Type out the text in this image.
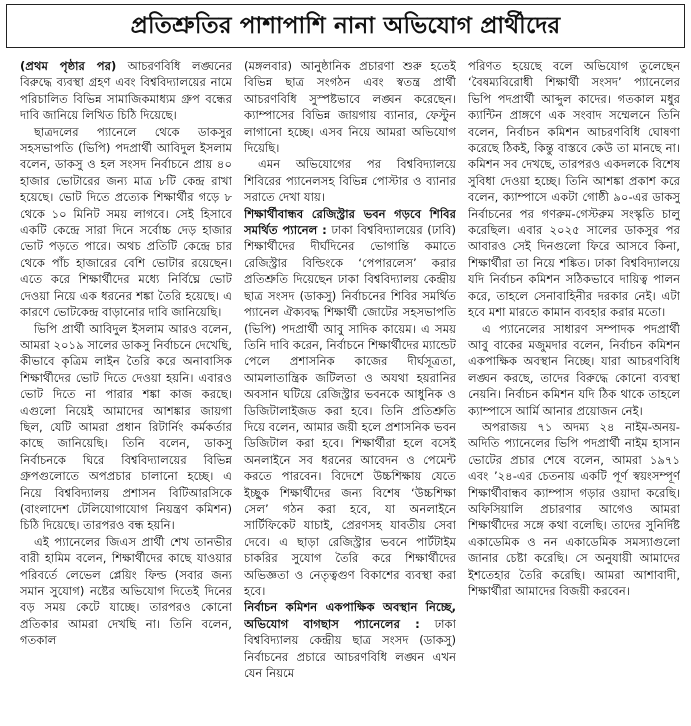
প্রতিশ্রুতির পাশাপাশি নানা অভিযোগ প্রার্থীদের

(প্রথম পৃষ্ঠার পর) আচরণবিধি লঙ্ঘনের বিরুদ্ধে ব্যবস্থা গ্রহণ এবং বিশ্ববিদ্যালয়ের নামে পরিচালিত বিভিন্ন সামাজিকমাধ্যম গ্রুপ বন্ধের দাবি জানিয়ে লিখিত চিঠি দিয়েছে।

ছাত্রদলের প্যানেলে থেকে ডাকসুর সহসভাপতি (ভিপি) পদপ্রার্থী আবিদুল ইসলাম বলেন, ডাকসু ও হল সংসদ নির্বাচনে প্রায় ৪০ হাজার ভোটারের জন্য মাত্র ৮টি কেন্দ্র রাখা হয়েছে। ভোট দিতে প্রত্যেক শিক্ষার্থীর গড়ে ৮ থেকে ১০ মিনিট সময় লাগবে। সেই হিসাবে একটি কেন্দ্রে সারা দিনে সর্বোচ্চ দেড় হাজার ভোট পড়তে পারে। অথচ প্রতিটি কেন্দ্রে চার থেকে পাঁচ হাজারের বেশি ভোটার রয়েছেন। এতে করে শিক্ষার্থীদের মধ্যে নির্বিঘ্নে ভোট দেওয়া নিয়ে এক ধরনের শঙ্কা তৈরি হয়েছে। এ কারণে ভোটকেন্দ্র বাড়ানোর দাবি জানিয়েছি।

ভিপি প্রার্থী আবিদুল ইসলাম আরও বলেন, আমরা ২০১৯ সালের ডাকসু নির্বাচনে দেখেছি, কীভাবে কৃত্রিম লাইন তৈরি করে অনাবাসিক শিক্ষার্থীদের ভোট দিতে দেওয়া হয়নি। এবারও ভোট দিতে না পারার শঙ্কা কাজ করছে। এগুলো নিয়েই আমাদের আশঙ্কার জায়গা ছিল, যেটি আমরা প্রধান রিটার্নিং কর্মকর্তার কাছে জানিয়েছি। তিনি বলেন, ডাকসু নির্বাচনকে ঘিরে বিশ্ববিদ্যালয়ের বিভিন্ন গ্রুপগুলোতে অপপ্রচার চালানো হচ্ছে। এ নিয়ে বিশ্ববিদ্যালয় প্রশাসন বিটিআরসিকে (বাংলাদেশ টেলিযোগাযোগ নিয়ন্ত্রণ কমিশন) চিঠি দিয়েছে। তারপরও বন্ধ হয়নি।

এই প্যানেলের জিএস প্রার্থী শেখ তানভীর বারী হামিম বলেন, শিক্ষার্থীদের কাছে যাওয়ার পরিবর্তে লেভেল প্লেয়িং ফিল্ড (সবার জন্য সমান সুযোগ) নষ্টের অভিযোগ দিতেই দিনের বড় সময় কেটে যাচ্ছে। তারপরও কোনো প্রতিকার আমরা দেখছি না। তিনি বলেন, গতকাল

(মঙ্গলবার) আনুষ্ঠানিক প্রচারণা শুরু হতেই বিভিন্ন ছাত্র সংগঠন এবং স্বতন্ত্র প্রার্থী আচরণবিধি সুস্পষ্টভাবে লঙ্ঘন করেছেন। ক্যাম্পাসের বিভিন্ন জায়গায় ব্যানার, ফেস্টুন লাগানো হচ্ছে। এসব নিয়ে আমরা অভিযোগ দিয়েছি।

এমন অভিযোগের পর বিশ্ববিদ্যালয়ে শিবিরের প্যানেলসহ বিভিন্ন পোস্টার ও ব্যানার সরাতে দেখা যায়।

শিক্ষার্থীবান্ধব রেজিস্ট্রার ভবন গড়বে শিবির সমর্থিত প্যানেল : ঢাকা বিশ্ববিদ্যালয়ের (ঢাবি) শিক্ষার্থীদের দীর্ঘদিনের ভোগান্তি কমাতে রেজিস্ট্রার বিল্ডিংকে ‘পেপারলেস’ করার প্রতিশ্রুতি দিয়েছেন ঢাকা বিশ্ববিদ্যালয় কেন্দ্রীয় ছাত্র সংসদ (ডাকসু) নির্বাচনের শিবির সমর্থিত প্যানেল ঐক্যবদ্ধ শিক্ষার্থী জোটের সহসভাপতি (ভিপি) পদপ্রার্থী আবু সাদিক কায়েম। এ সময় তিনি দাবি করেন, নির্বাচনে শিক্ষার্থীদের ম্যান্ডেট পেলে প্রশাসনিক কাজের দীর্ঘসূত্রতা, আমলাতান্ত্রিক জটিলতা ও অযথা হয়রানির অবসান ঘটিয়ে রেজিস্ট্রার ভবনকে আধুনিক ও ডিজিটালাইজড করা হবে। তিনি প্রতিশ্রুতি দিয়ে বলেন, আমার জয়ী হলে প্রশাসনিক ভবন ডিজিটাল করা হবে। শিক্ষার্থীরা হলে বসেই অনলাইনে সব ধরনের আবেদন ও পেমেন্ট করতে পারবেন। বিদেশে উচ্চশিক্ষায় যেতে ইচ্ছুক শিক্ষার্থীদের জন্য বিশেষ ‘উচ্চশিক্ষা সেল’ গঠন করা হবে, যা অনলাইনে সার্টিফিকেট যাচাই, প্রেরণসহ যাবতীয় সেবা দেবে। এ ছাড়া রেজিস্ট্রার ভবনে পার্টটাইম চাকরির সুযোগ তৈরি করে শিক্ষার্থীদের অভিজ্ঞতা ও নেতৃত্বগুণ বিকাশের ব্যবস্থা করা হবে।

নির্বাচন কমিশন একপাক্ষিক অবস্থান নিচ্ছে, অভিযোগ বাগছাস প্যানেলের : ঢাকা বিশ্ববিদ্যালয় কেন্দ্রীয় ছাত্র সংসদ (ডাকসু) নির্বাচনের প্রচারে আচরণবিধি লঙ্ঘন এখন যেন নিয়মে

পরিণত হয়েছে বলে অভিযোগ তুলেছেন ‘বৈষম্যবিরোধী শিক্ষার্থী সংসদ’ প্যানেলের ভিপি পদপ্রার্থী আব্দুল কাদের। গতকাল মধুর ক্যান্টিন প্রাঙ্গণে এক সংবাদ সম্মেলনে তিনি বলেন, নির্বাচন কমিশন আচরণবিধি ঘোষণা করেছে ঠিকই, কিন্তু বাস্তবে কেউ তা মানছে না। কমিশন সব দেখছে, তারপরও একদলকে বিশেষ সুবিধা দেওয়া হচ্ছে। তিনি আশঙ্কা প্রকাশ করে বলেন, ক্যাম্পাসে একটা গোষ্ঠী ৯০-এর ডাকসু নির্বাচনের পর গণরুম-গেস্টরুম সংস্কৃতি চালু করেছিল। এবার ২০২৫ সালের ডাকসুর পর আবারও সেই দিনগুলো ফিরে আসবে কিনা, শিক্ষার্থীরা তা নিয়ে শঙ্কিত। ঢাকা বিশ্ববিদ্যালয়ে যদি নির্বাচন কমিশন সঠিকভাবে দায়িত্ব পালন করে, তাহলে সেনাবাহিনীর দরকার নেই। এটা হবে মশা মারতে কামান ব্যবহার করার মতো।

এ প্যানেলের সাধারণ সম্পাদক পদপ্রার্থী আবু বাকের মজুমদার বলেন, নির্বাচন কমিশন একপাক্ষিক অবস্থান নিচ্ছে। যারা আচরণবিধি লঙ্ঘন করছে, তাদের বিরুদ্ধে কোনো ব্যবস্থা নেয়নি। নির্বাচন কমিশন যদি ঠিক থাকে তাহলে ক্যাম্পাসে আর্মি আনার প্রয়োজন নেই।

অপরাজয় ৭১ অদম্য ২৪ নাইম-অনয়-অদিতি প্যানেলের ভিপি পদপ্রার্থী নাইম হাসান ভোটের প্রচার শেষে বলেন, আমরা ১৯৭১ এবং ’২৪-এর চেতনায় একটি পূর্ণ স্বয়ংসম্পূর্ণ শিক্ষার্থীবান্ধব ক্যাম্পাস গড়ার ওয়াদা করেছি। অফিসিয়ালি প্রচারণার আগেও আমরা শিক্ষার্থীদের সঙ্গে কথা বলেছি। তাদের সুনির্দিষ্ট একাডেমিক ও নন একাডেমিক সমস্যাগুলো জানার চেষ্টা করেছি। সে অনুযায়ী আমাদের ইশতেহার তৈরি করেছি। আমরা আশাবাদী, শিক্ষার্থীরা আমাদের বিজয়ী করবেন।
